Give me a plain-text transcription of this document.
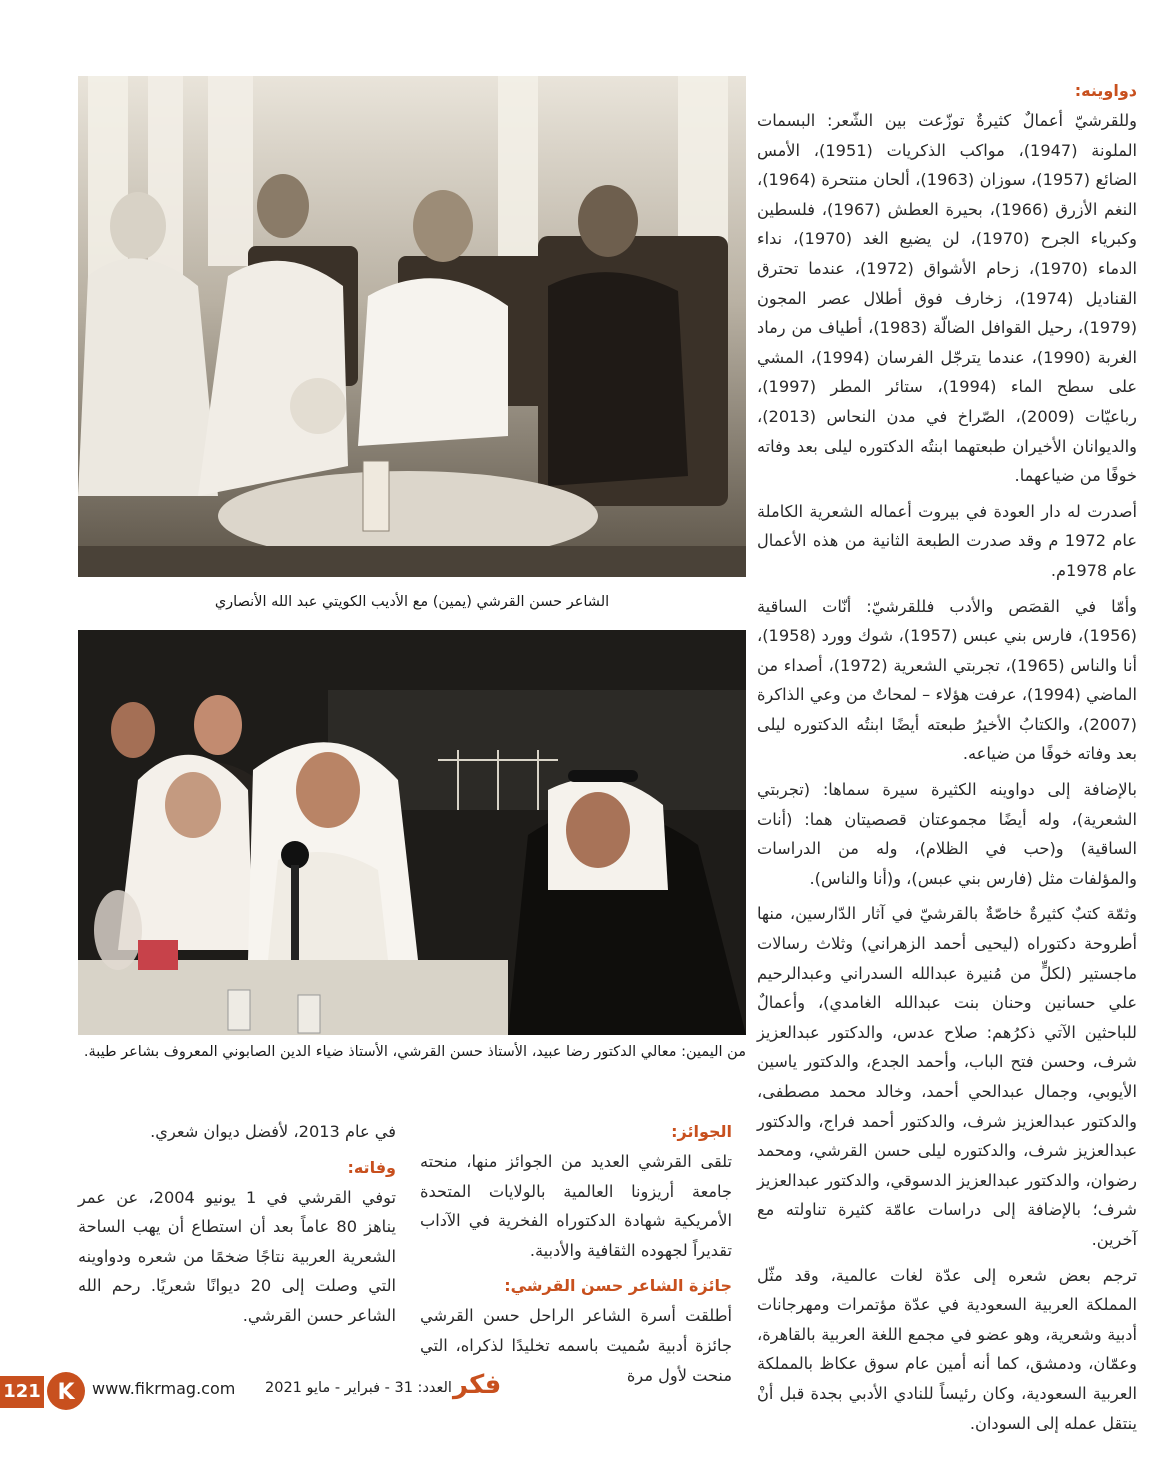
دواوينه:

وللقرشيّ أعمالٌ كثيرةٌ توزّعت بين الشّعر: البسمات الملونة (1947)، مواكب الذكريات (1951)، الأمس الضائع (1957)، سوزان (1963)، ألحان منتحرة (1964)، النغم الأزرق (1966)، بحيرة العطش (1967)، فلسطين وكبرياء الجرح (1970)، لن يضيع الغد (1970)، نداء الدماء (1970)، زحام الأشواق (1972)، عندما تحترق القناديل (1974)، زخارف فوق أطلال عصر المجون (1979)، رحيل القوافل الضالّة (1983)، أطياف من رماد الغربة (1990)، عندما يترجّل الفرسان (1994)، المشي على سطح الماء (1994)، ستائر المطر (1997)، رباعيّات (2009)، الصّراخ في مدن النحاس (2013)، والديوانان الأخيران طبعتهما ابنتُه الدكتوره ليلى بعد وفاته خوفًا من ضياعهما.

أصدرت له دار العودة في بيروت أعماله الشعرية الكاملة عام 1972 م وقد صدرت الطبعة الثانية من هذه الأعمال عام 1978م.

وأمّا في القصَص والأدب فللقرشيّ: أنّات الساقية (1956)، فارس بني عبس (1957)، شوك وورد (1958)، أنا والناس (1965)، تجربتي الشعرية (1972)، أصداء من الماضي (1994)، عرفت هؤلاء – لمحاتٌ من وعي الذاكرة (2007)، والكتابُ الأخيرُ طبعته أيضًا ابنتُه الدكتوره ليلى بعد وفاته خوفًا من ضياعه.

بالإضافة إلى دواوينه الكثيرة سيرة سماها: (تجربتي الشعرية)، وله أيضًا مجموعتان قصصيتان هما: (أنات الساقية) و(حب في الظلام)، وله من الدراسات والمؤلفات مثل (فارس بني عبس)، و(أنا والناس).

وثمّة كتبٌ كثيرةٌ خاصّةٌ بالقرشيّ في آثار الدّارسين، منها أطروحة دكتوراه (ليحيى أحمد الزهراني) وثلاث رسالات ماجستير (لكلٍّ من مُنيرة عبدالله السدراني وعبدالرحيم علي حسانين وحنان بنت عبدالله الغامدي)، وأعمالٌ للباحثين الآتي ذكرُهم: صلاح عدس، والدكتور عبدالعزيز شرف، وحسن فتح الباب، وأحمد الجدع، والدكتور ياسين الأيوبي، وجمال عبدالحي أحمد، وخالد محمد مصطفى، والدكتور عبدالعزيز شرف، والدكتور أحمد فراج، والدكتور عبدالعزيز شرف، والدكتوره ليلى حسن القرشي، ومحمد رضوان، والدكتور عبدالعزيز الدسوقي، والدكتور عبدالعزيز شرف؛ بالإضافة إلى دراسات عامّة كثيرة تناولته مع آخرين.

ترجم بعض شعره إلى عدّة لغات عالمية، وقد مثّل المملكة العربية السعودية في عدّة مؤتمرات ومهرجانات أدبية وشعرية، وهو عضو في مجمع اللغة العربية بالقاهرة، وعمّان، ودمشق، كما أنه أمين عام سوق عكاظ بالمملكة العربية السعودية، وكان رئيساً للنادي الأدبي بجدة قبل أنْ ينتقل عمله إلى السودان.

الشاعر حسن القرشي (يمين) مع الأديب الكويتي عبد الله الأنصاري
من اليمين: معالي الدكتور رضا عبيد، الأستاذ حسن القرشي، الأستاذ ضياء الدين الصابوني المعروف بشاعر طيبة.
الجوائز:

تلقى القرشي العديد من الجوائز منها، منحته جامعة أريزونا العالمية بالولايات المتحدة الأمريكية شهادة الدكتوراه الفخرية في الآداب تقديراً لجهوده الثقافية والأدبية.

جائزة الشاعر حسن القرشي:

أطلقت أسرة الشاعر الراحل حسن القرشي جائزة أدبية سُميت باسمه تخليدًا لذكراه، التي منحت لأول مرة

في عام 2013، لأفضل ديوان شعري.

وفاته:

توفي القرشي في 1 يونيو 2004، عن عمر يناهز 80 عاماً بعد أن استطاع أن يهب الساحة الشعرية العربية نتاجًا ضخمًا من شعره ودواوينه التي وصلت إلى 20 ديوانًا شعريًا. رحم الله الشاعر حسن القرشي.

121 K www.fikrmag.com العدد: 31 - فبراير - مايو 2021 فكر
